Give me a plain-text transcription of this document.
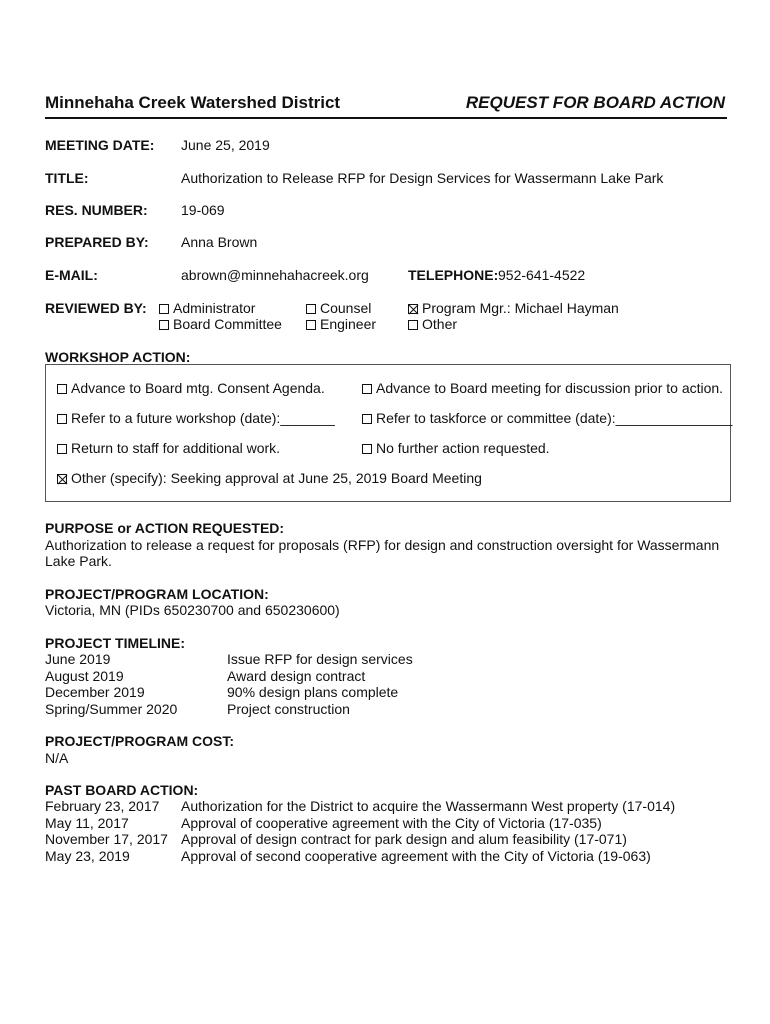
Minnehaha Creek Watershed District	REQUEST FOR BOARD ACTION
MEETING DATE: June 25, 2019
TITLE:	Authorization to Release RFP for Design Services for Wassermann Lake Park
RES. NUMBER: 19-069
PREPARED BY: Anna Brown
E-MAIL:	abrown@minnehahacreek.org	TELEPHONE: 952-641-4522
REVIEWED BY:	Administrator	Counsel	Program Mgr.: Michael Hayman
Board Committee	Engineer	Other
WORKSHOP ACTION:
Advance to Board mtg. Consent Agenda.	Advance to Board meeting for discussion prior to action.
Refer to a future workshop (date):_______	Refer to taskforce or committee (date):_______________
Return to staff for additional work.	No further action requested.
Other (specify): Seeking approval at June 25, 2019 Board Meeting
PURPOSE or ACTION REQUESTED:
Authorization to release a request for proposals (RFP) for design and construction oversight for Wassermann
Lake Park.
PROJECT/PROGRAM LOCATION:
Victoria, MN (PIDs 650230700 and 650230600)
PROJECT TIMELINE:
June 2019	Issue RFP for design services
August 2019	Award design contract
December 2019	90% design plans complete
Spring/Summer 2020	Project construction
PROJECT/PROGRAM COST:
N/A
PAST BOARD ACTION:
February 23, 2017 Authorization for the District to acquire the Wassermann West property (17-014)
May 11, 2017	Approval of cooperative agreement with the City of Victoria (17-035)
November 17, 2017 Approval of design contract for park design and alum feasibility (17-071)
May 23, 2019	Approval of second cooperative agreement with the City of Victoria (19-063)
